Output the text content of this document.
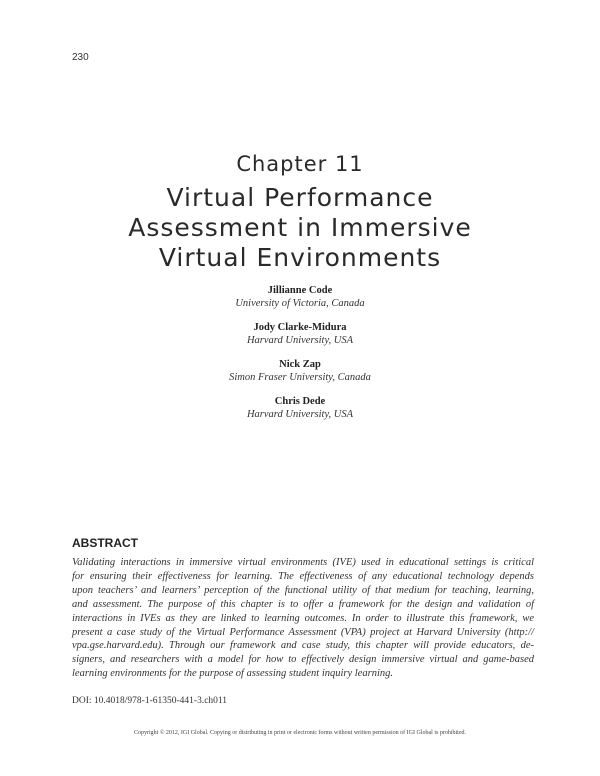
230
Chapter 11
Virtual Performance
Assessment in Immersive
Virtual Environments
Jillianne Code
University of Victoria, Canada
Jody Clarke-Midura
Harvard University, USA
Nick Zap
Simon Fraser University, Canada
Chris Dede
Harvard University, USA
ABSTRACT
Validating interactions in immersive virtual environments (IVE) used in educational settings is critical
for ensuring their effectiveness for learning. The effectiveness of any educational technology depends
upon teachers’ and learners’ perception of the functional utility of that medium for teaching, learning,
and assessment. The purpose of this chapter is to offer a framework for the design and validation of
interactions in IVEs as they are linked to learning outcomes. In order to illustrate this framework, we
present a case study of the Virtual Performance Assessment (VPA) project at Harvard University (http://
vpa.gse.harvard.edu). Through our framework and case study, this chapter will provide educators, de-
signers, and researchers with a model for how to effectively design immersive virtual and game-based
learning environments for the purpose of assessing student inquiry learning.
DOI: 10.4018/978-1-61350-441-3.ch011
Copyright © 2012, IGI Global. Copying or distributing in print or electronic forms without written permission of IGI Global is prohibited.
